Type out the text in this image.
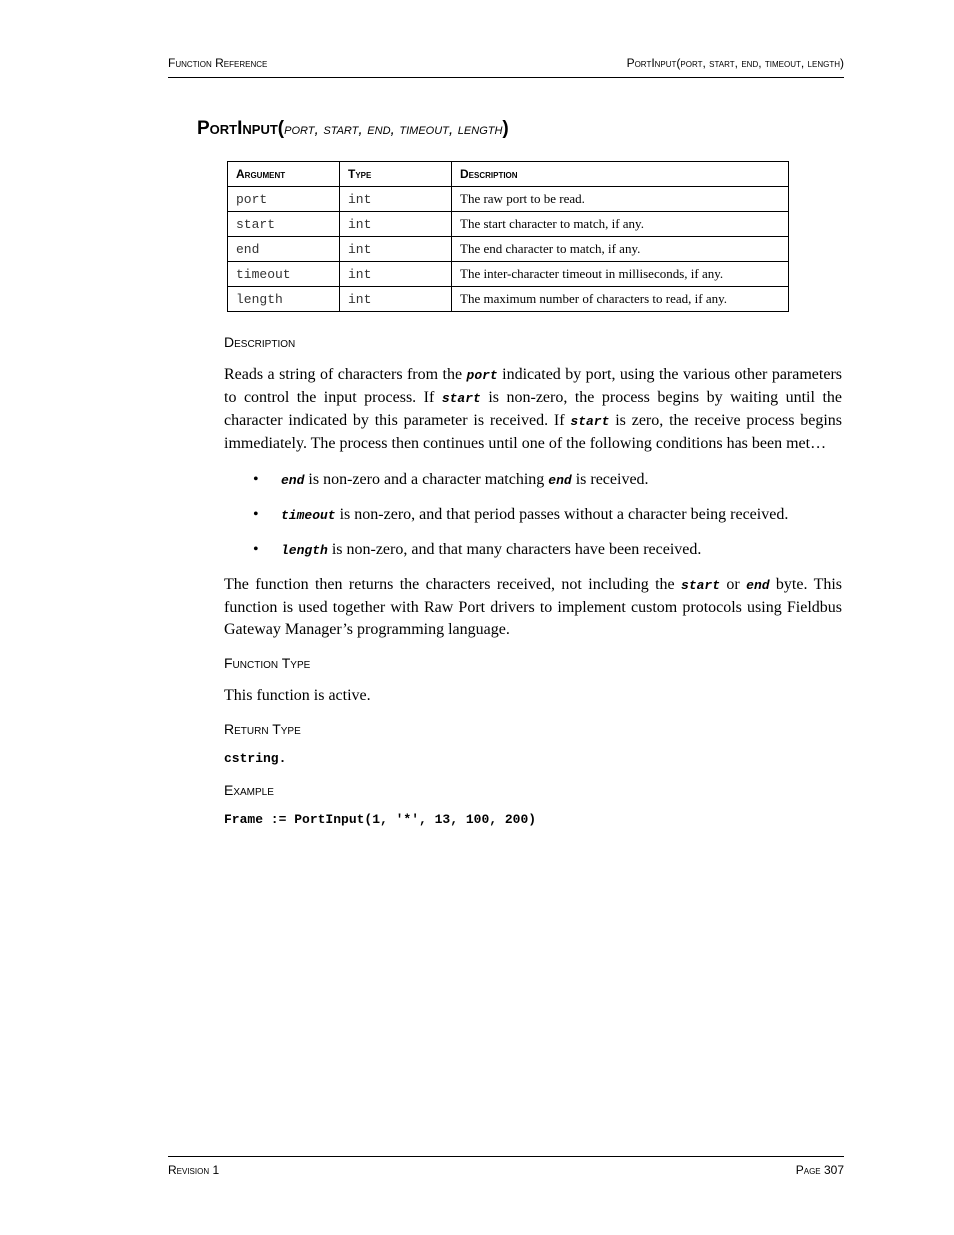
Function Reference	PortInput(port, start, end, timeout, length)
PortInput(port, start, end, timeout, length)
Argument	Type	Description
port	int	The raw port to be read.
start	int	The start character to match, if any.
end	int	The end character to match, if any.
timeout	int	The inter-character timeout in milliseconds, if any.
length	int	The maximum number of characters to read, if any.
Description

Reads a string of characters from the port indicated by port, using the various other parameters to control the input process. If start is non-zero, the process begins by waiting until the character indicated by this parameter is received. If start is zero, the receive process begins immediately. The process then continues until one of the following conditions has been met…

• end is non-zero and a character matching end is received.
• timeout is non-zero, and that period passes without a character being received.
• length is non-zero, and that many characters have been received.

The function then returns the characters received, not including the start or end byte. This function is used together with Raw Port drivers to implement custom protocols using Fieldbus Gateway Manager’s programming language.

Function Type

This function is active.

Return Type
cstring.
Example
Frame := PortInput(1, '*', 13, 100, 200)
Revision 1	Page 307
